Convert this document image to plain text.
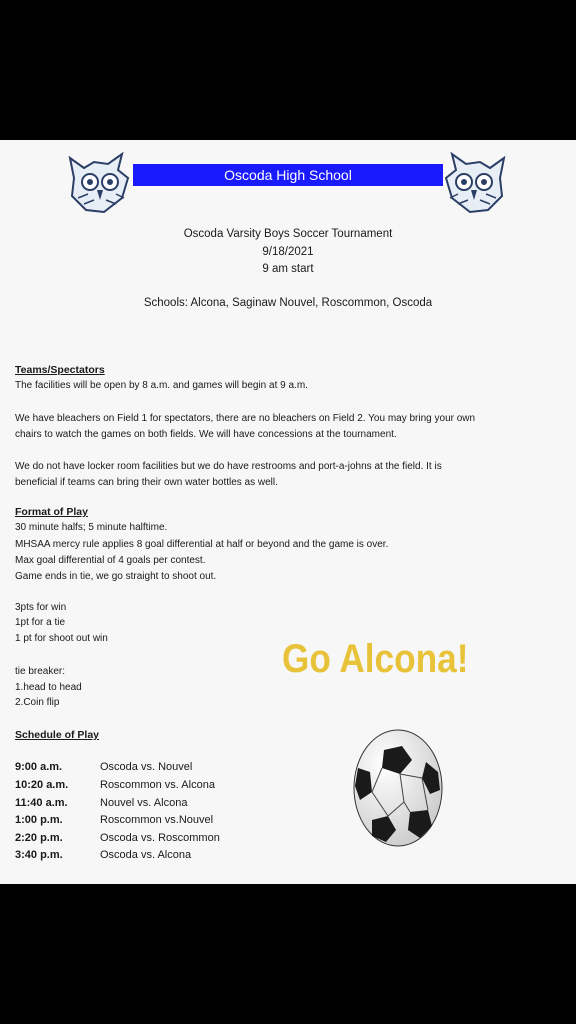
Oscoda High School
Oscoda Varsity Boys Soccer Tournament
9/18/2021
9 am start
Schools: Alcona, Saginaw Nouvel, Roscommon, Oscoda
Teams/Spectators
The facilities will be open by 8 a.m. and games will begin at 9 a.m.
We have bleachers on Field 1 for spectators, there are no bleachers on Field 2. You may bring your own
chairs to watch the games on both fields. We will have concessions at the tournament.
We do not have locker room facilities but we do have restrooms and port-a-johns at the field. It is
beneficial if teams can bring their own water bottles as well.
Format of Play
30 minute halfs; 5 minute halftime.
MHSAA mercy rule applies 8 goal differential at half or beyond and the game is over.
Max goal differential of 4 goals per contest.
Game ends in tie, we go straight to shoot out.
3pts for win
1pt for a tie
1 pt for shoot out win
tie breaker:
1.head to head
2.Coin flip
Go Alcona!
Schedule of Play
9:00 a.m.	Oscoda vs. Nouvel
10:20 a.m.	Roscommon vs. Alcona
11:40 a.m.	Nouvel vs. Alcona
1:00 p.m.	Roscommon vs.Nouvel
2:20 p.m.	Oscoda vs. Roscommon
3:40 p.m.	Oscoda vs. Alcona
